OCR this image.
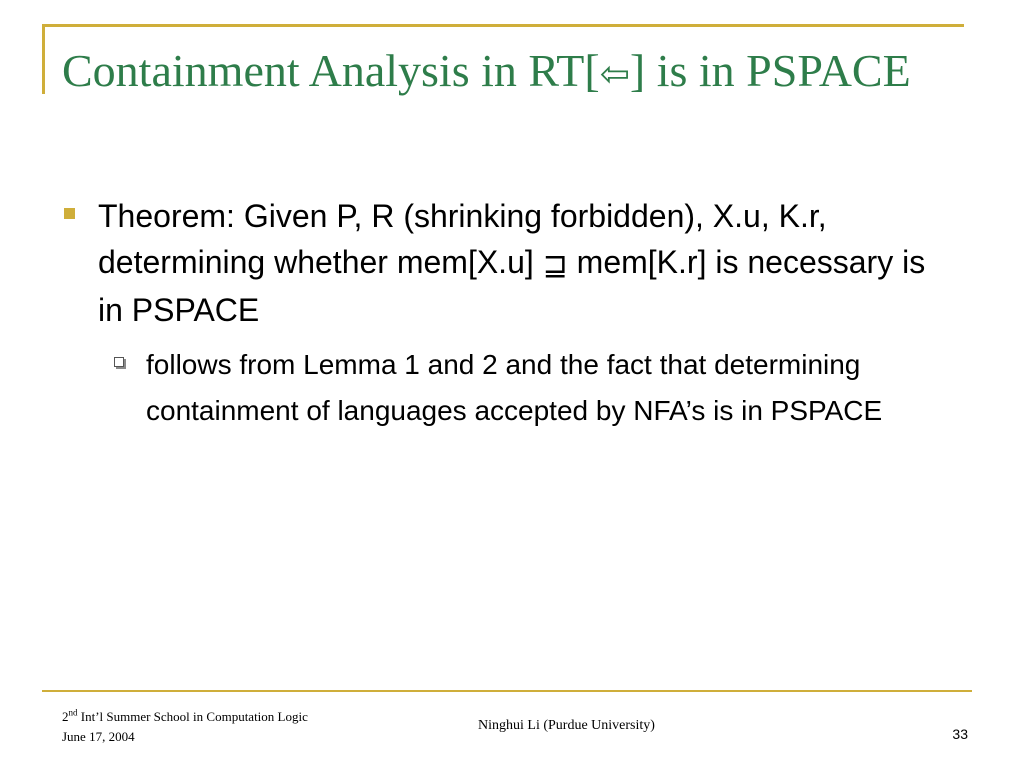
Containment Analysis in RT[⇦] is in PSPACE
Theorem: Given P, R (shrinking forbidden), X.u, K.r, determining whether mem[X.u] ⊒ mem[K.r] is necessary is in PSPACE
follows from Lemma 1 and 2 and the fact that determining containment of languages accepted by NFA’s is in PSPACE
2nd Int’l Summer School in Computation Logic
June 17, 2004
Ninghui Li (Purdue University)
33
